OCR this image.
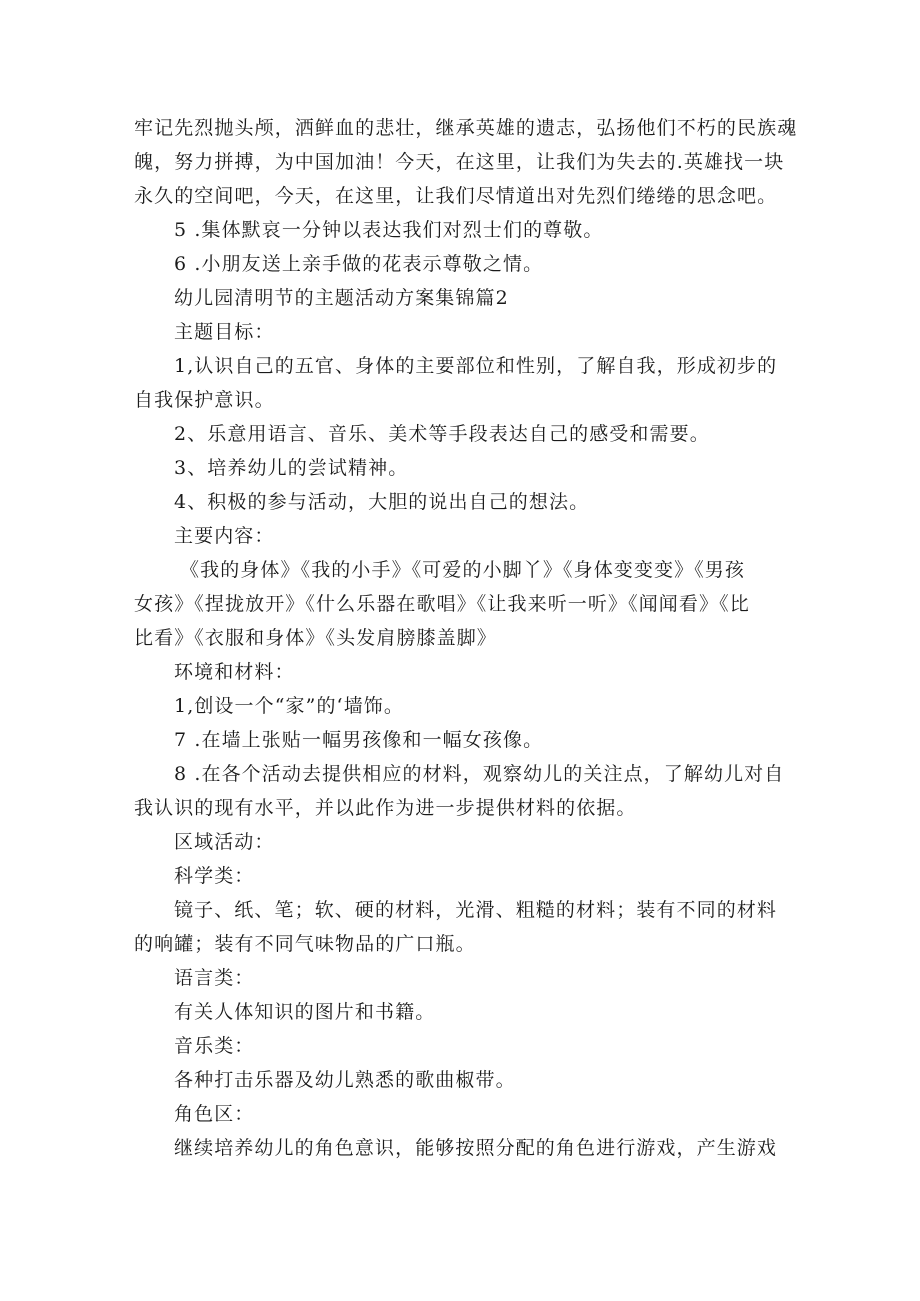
牢记先烈抛头颅，洒鲜血的悲壮，继承英雄的遗志，弘扬他们不朽的民族魂
魄，努力拼搏，为中国加油！今天，在这里，让我们为失去的.英雄找一块
永久的空间吧，今天，在这里，让我们尽情道出对先烈们绻绻的思念吧。
5 .集体默哀一分钟以表达我们对烈士们的尊敬。
6 .小朋友送上亲手做的花表示尊敬之情。
幼儿园清明节的主题活动方案集锦篇2
主题目标：
1,认识自己的五官、身体的主要部位和性别，了解自我，形成初步的
自我保护意识。
2、乐意用语言、音乐、美术等手段表达自己的感受和需要。
3、培养幼儿的尝试精神。
4、积极的参与活动，大胆的说出自己的想法。
主要内容：
《我的身体》《我的小手》《可爱的小脚丫》《身体变变变》《男孩
女孩》《捏拢放开》《什么乐器在歌唱》《让我来听一听》《闻闻看》《比
比看》《衣服和身体》《头发肩膀膝盖脚》
环境和材料：
1,创设一个“家”的‘墙饰。
7 .在墙上张贴一幅男孩像和一幅女孩像。
8 .在各个活动去提供相应的材料，观察幼儿的关注点，了解幼儿对自
我认识的现有水平，并以此作为进一步提供材料的依据。
区域活动：
科学类：
镜子、纸、笔；软、硬的材料，光滑、粗糙的材料；装有不同的材料
的响罐；装有不同气味物品的广口瓶。
语言类：
有关人体知识的图片和书籍。
音乐类：
各种打击乐器及幼儿熟悉的歌曲椒带。
角色区：
继续培养幼儿的角色意识，能够按照分配的角色进行游戏，产生游戏
